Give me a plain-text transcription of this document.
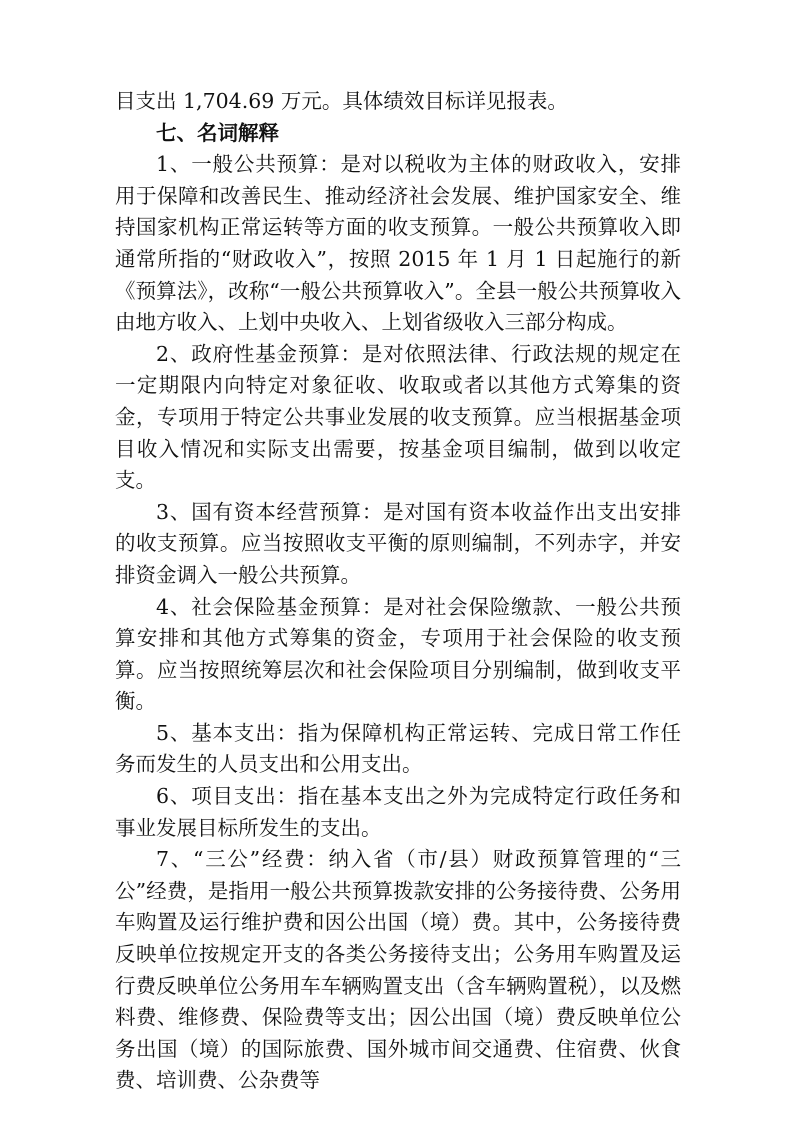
目支出 1,704.69 万元。具体绩效目标详见报表。

七、名词解释

1、一般公共预算：是对以税收为主体的财政收入，安排用于保障和改善民生、推动经济社会发展、维护国家安全、维持国家机构正常运转等方面的收支预算。一般公共预算收入即通常所指的“财政收入”，按照 2015 年 1 月 1 日起施行的新《预算法》，改称“一般公共预算收入”。全县一般公共预算收入由地方收入、上划中央收入、上划省级收入三部分构成。

2、政府性基金预算：是对依照法律、行政法规的规定在一定期限内向特定对象征收、收取或者以其他方式筹集的资金，专项用于特定公共事业发展的收支预算。应当根据基金项目收入情况和实际支出需要，按基金项目编制，做到以收定支。

3、国有资本经营预算：是对国有资本收益作出支出安排的收支预算。应当按照收支平衡的原则编制，不列赤字，并安排资金调入一般公共预算。

4、社会保险基金预算：是对社会保险缴款、一般公共预算安排和其他方式筹集的资金，专项用于社会保险的收支预算。应当按照统筹层次和社会保险项目分别编制，做到收支平衡。

5、基本支出：指为保障机构正常运转、完成日常工作任务而发生的人员支出和公用支出。

6、项目支出：指在基本支出之外为完成特定行政任务和事业发展目标所发生的支出。

7、“三公”经费：纳入省（市/县）财政预算管理的“三公”经费，是指用一般公共预算拨款安排的公务接待费、公务用车购置及运行维护费和因公出国（境）费。其中，公务接待费反映单位按规定开支的各类公务接待支出；公务用车购置及运行费反映单位公务用车车辆购置支出（含车辆购置税），以及燃料费、维修费、保险费等支出；因公出国（境）费反映单位公务出国（境）的国际旅费、国外城市间交通费、住宿费、伙食费、培训费、公杂费等
